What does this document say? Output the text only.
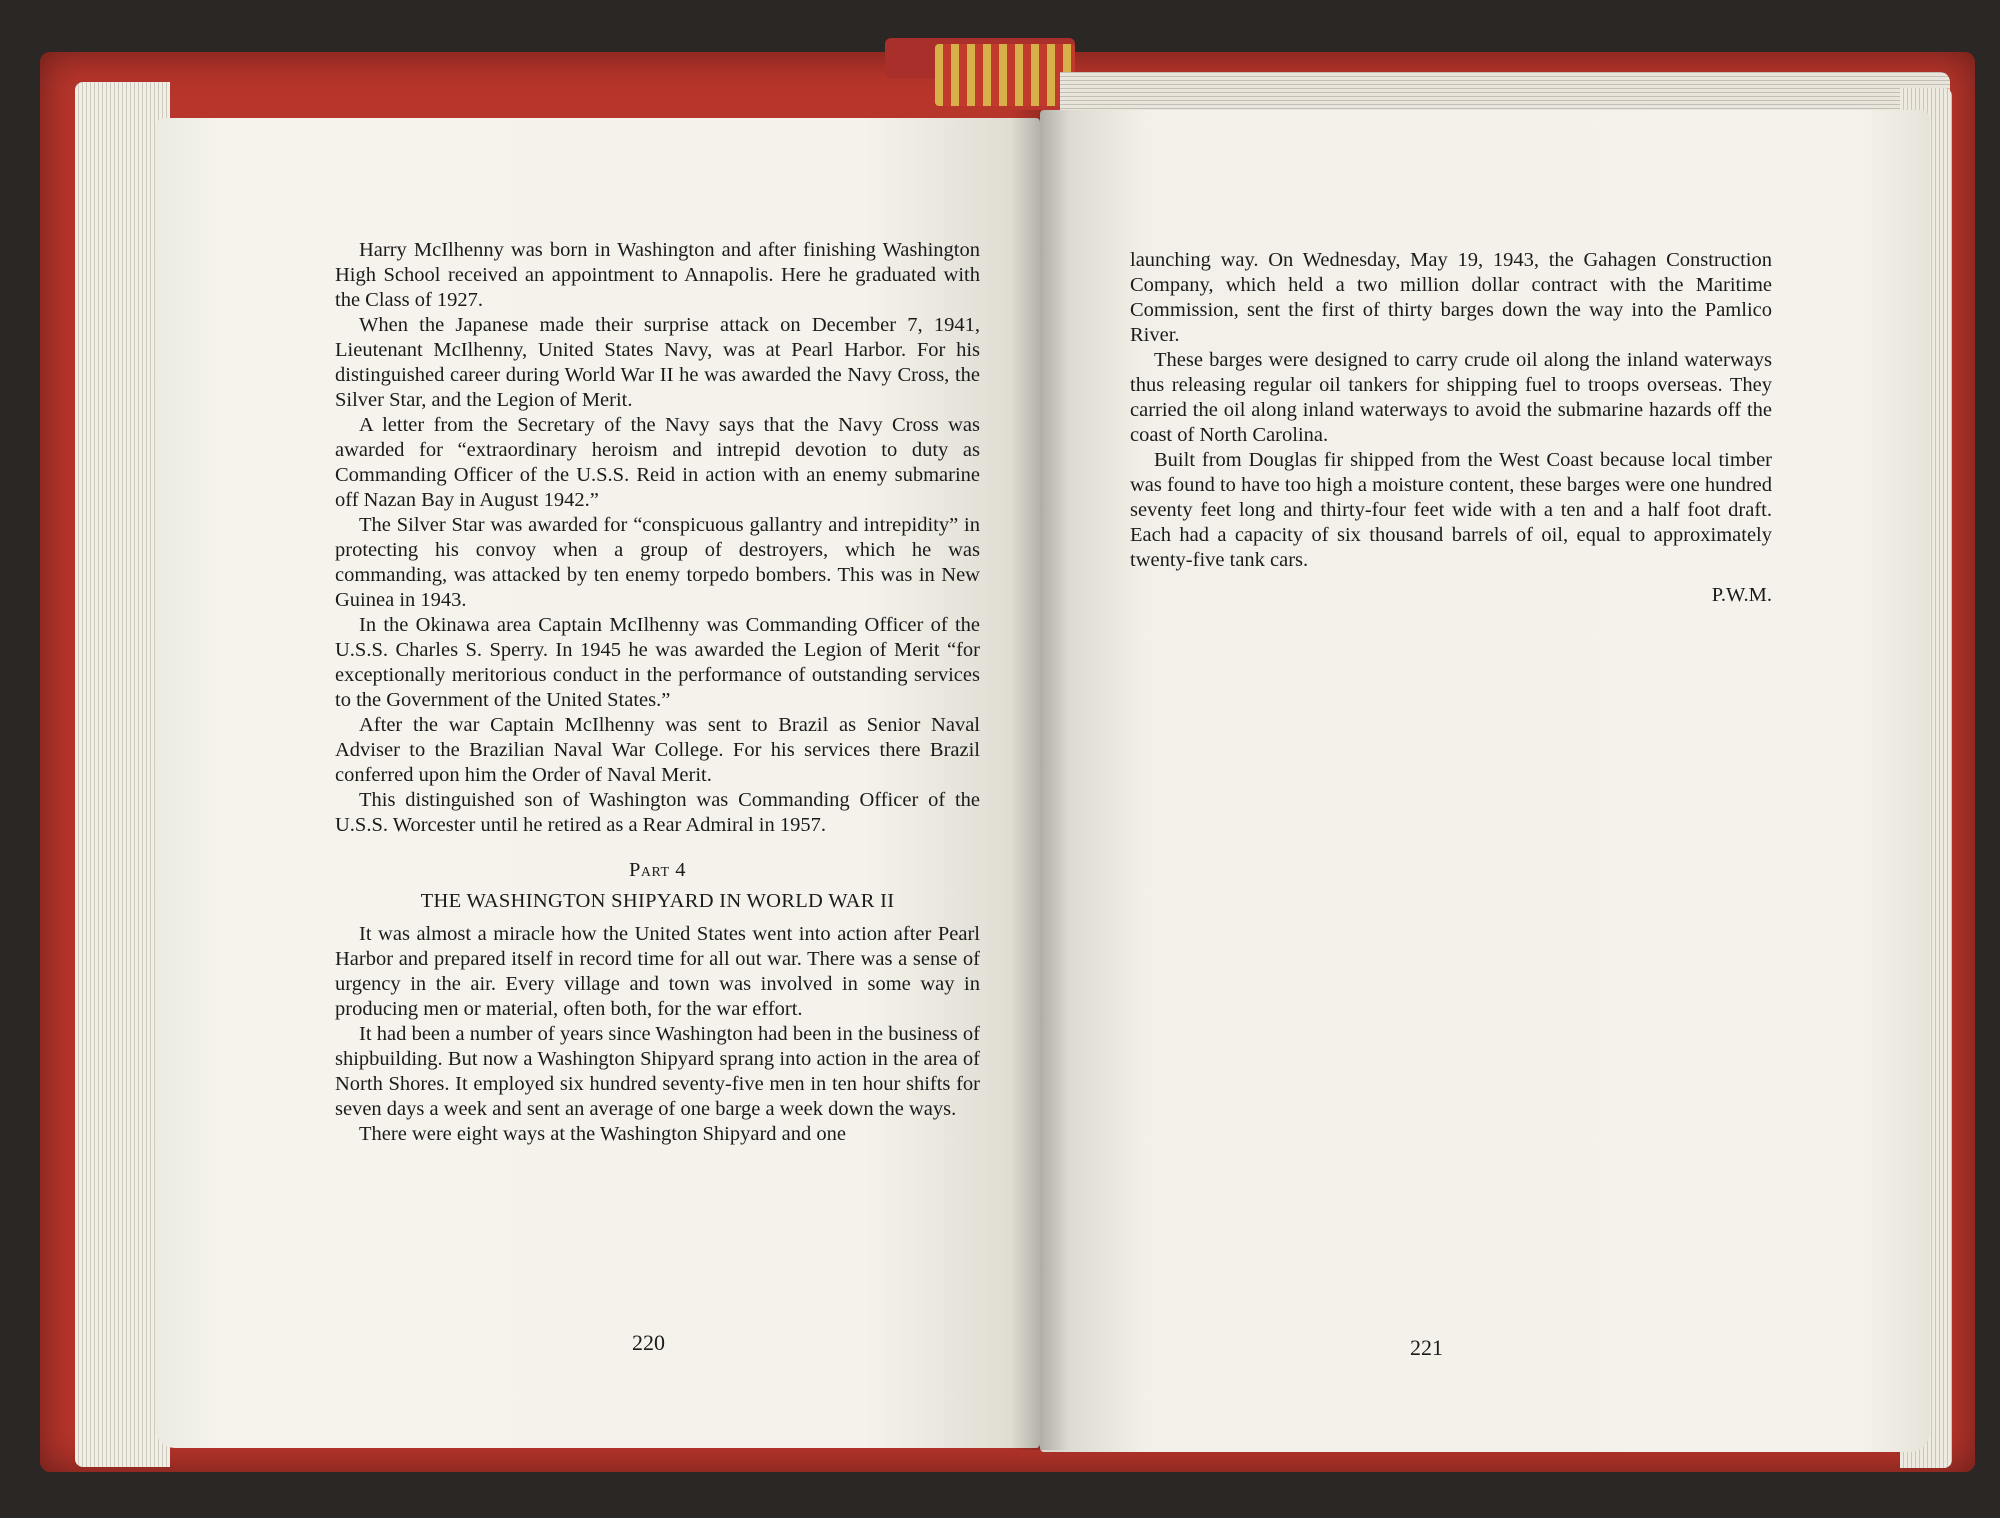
Harry McIlhenny was born in Washington and after finishing Washington High School received an appointment to Annapolis. Here he graduated with the Class of 1927.

When the Japanese made their surprise attack on December 7, 1941, Lieutenant McIlhenny, United States Navy, was at Pearl Harbor. For his distinguished career during World War II he was awarded the Navy Cross, the Silver Star, and the Legion of Merit.

A letter from the Secretary of the Navy says that the Navy Cross was awarded for “extraordinary heroism and intrepid devotion to duty as Commanding Officer of the U.S.S. Reid in action with an enemy submarine off Nazan Bay in August 1942.”

The Silver Star was awarded for “conspicuous gallantry and intrepidity” in protecting his convoy when a group of destroyers, which he was commanding, was attacked by ten enemy torpedo bombers. This was in New Guinea in 1943.

In the Okinawa area Captain McIlhenny was Commanding Officer of the U.S.S. Charles S. Sperry. In 1945 he was awarded the Legion of Merit “for exceptionally meritorious conduct in the performance of outstanding services to the Government of the United States.”

After the war Captain McIlhenny was sent to Brazil as Senior Naval Adviser to the Brazilian Naval War College. For his services there Brazil conferred upon him the Order of Naval Merit.

This distinguished son of Washington was Commanding Officer of the U.S.S. Worcester until he retired as a Rear Admiral in 1957.

Part 4

THE WASHINGTON SHIPYARD IN WORLD WAR II

It was almost a miracle how the United States went into action after Pearl Harbor and prepared itself in record time for all out war. There was a sense of urgency in the air. Every village and town was involved in some way in producing men or material, often both, for the war effort.

It had been a number of years since Washington had been in the business of shipbuilding. But now a Washington Shipyard sprang into action in the area of North Shores. It employed six hundred seventy-five men in ten hour shifts for seven days a week and sent an average of one barge a week down the ways.

There were eight ways at the Washington Shipyard and one

220

launching way. On Wednesday, May 19, 1943, the Gahagen Construction Company, which held a two million dollar contract with the Maritime Commission, sent the first of thirty barges down the way into the Pamlico River.

These barges were designed to carry crude oil along the inland waterways thus releasing regular oil tankers for shipping fuel to troops overseas. They carried the oil along inland waterways to avoid the submarine hazards off the coast of North Carolina.

Built from Douglas fir shipped from the West Coast because local timber was found to have too high a moisture content, these barges were one hundred seventy feet long and thirty-four feet wide with a ten and a half foot draft. Each had a capacity of six thousand barrels of oil, equal to approximately twenty-five tank cars.

P.W.M.

221
